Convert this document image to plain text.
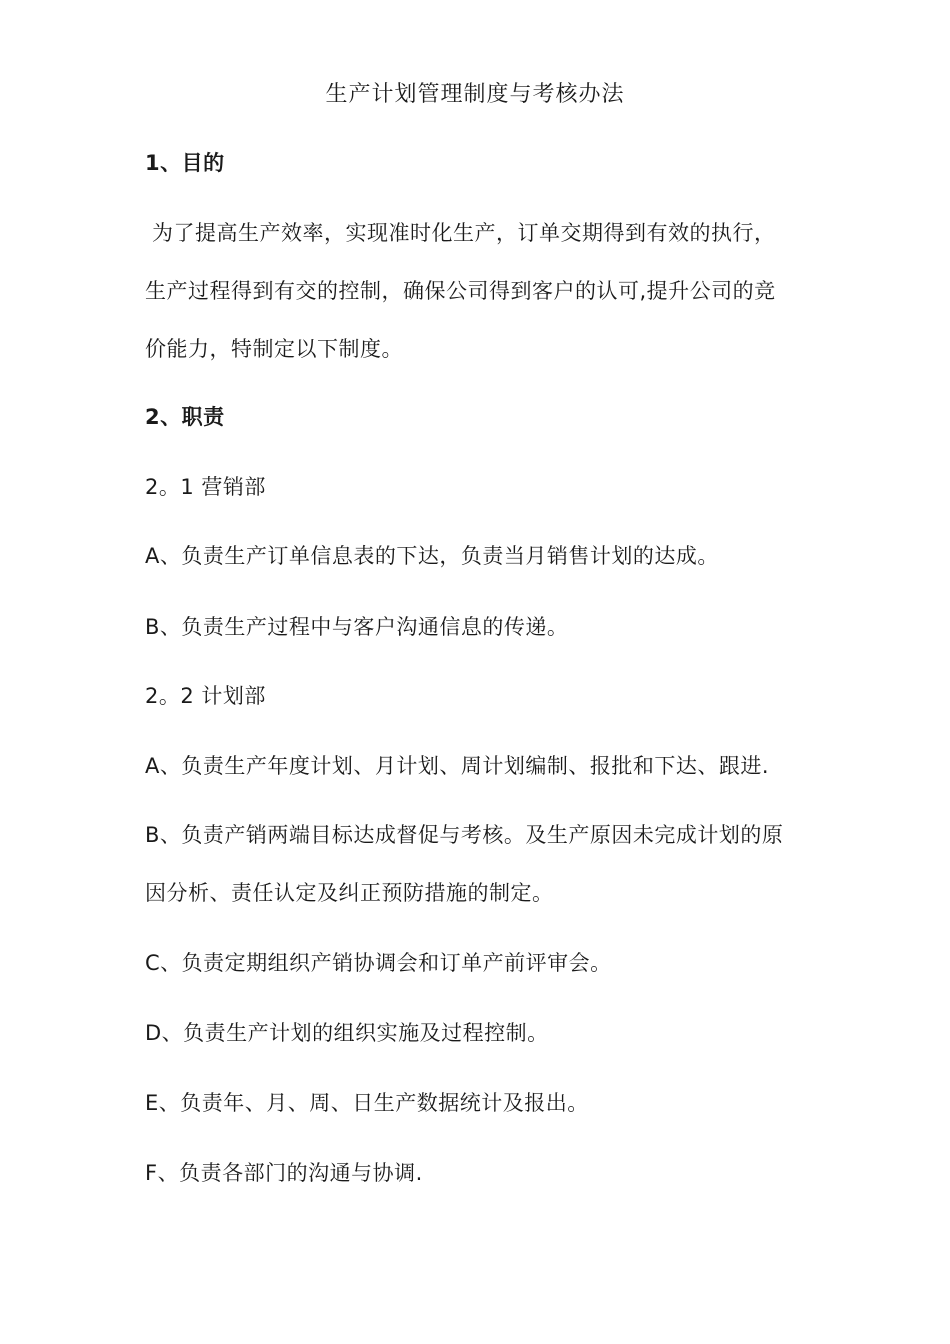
生产计划管理制度与考核办法
1、目的
为了提高生产效率，实现准时化生产，订单交期得到有效的执行，
生产过程得到有交的控制，确保公司得到客户的认可,提升公司的竞
价能力，特制定以下制度。
2、职责
2。1 营销部
A、负责生产订单信息表的下达，负责当月销售计划的达成。
B、负责生产过程中与客户沟通信息的传递。
2。2 计划部
A、负责生产年度计划、月计划、周计划编制、报批和下达、跟进.
B、负责产销两端目标达成督促与考核。及生产原因未完成计划的原
因分析、责任认定及纠正预防措施的制定。
C、负责定期组织产销协调会和订单产前评审会。
D、负责生产计划的组织实施及过程控制。
E、负责年、月、周、日生产数据统计及报出。
F、负责各部门的沟通与协调.
